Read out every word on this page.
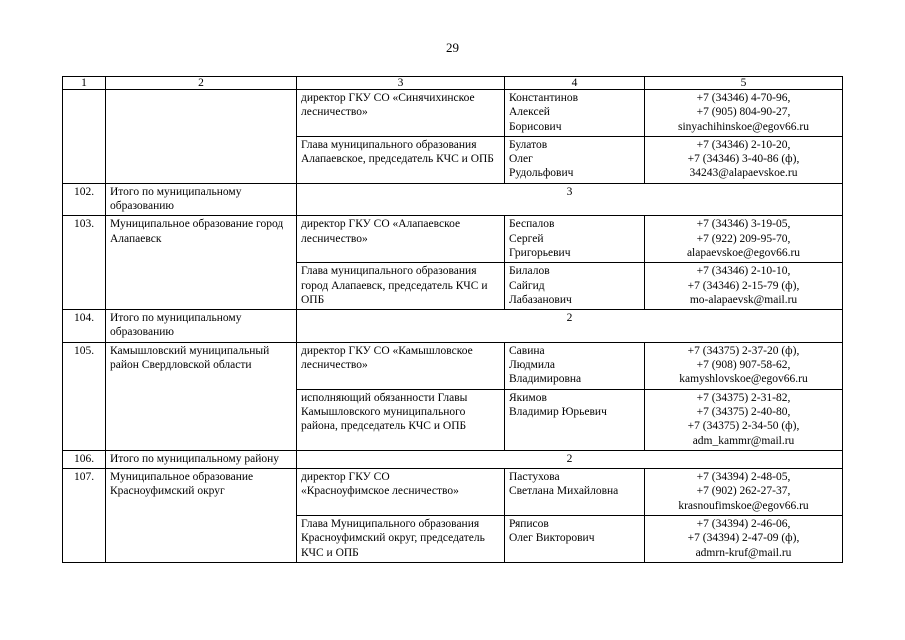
29
1	2	3	4	5
		директор ГКУ СО «Синячихинское лесничество»	Константинов
Алексей
Борисович	+7 (34346) 4-70-96,
+7 (905) 804-90-27,
sinyachihinskoe@egov66.ru
		Глава муниципального образования Алапаевское, председатель КЧС и ОПБ	Булатов
Олег
Рудольфович	+7 (34346) 2-10-20,
+7 (34346) 3-40-86 (ф),
34243@alapaevskoe.ru
102.	Итого по муниципальному образованию	3		
103.	Муниципальное образование город Алапаевск	директор ГКУ СО «Алапаевское лесничество»	Беспалов
Сергей
Григорьевич	+7 (34346) 3-19-05,
+7 (922) 209-95-70,
alapaevskoe@egov66.ru
		Глава муниципального образования город Алапаевск, председатель КЧС и ОПБ	Билалов
Сайгид
Лабазанович	+7 (34346) 2-10-10,
+7 (34346) 2-15-79 (ф),
mo-alapaevsk@mail.ru
104.	Итого по муниципальному образованию	2		
105.	Камышловский муниципальный район Свердловской области	директор ГКУ СО «Камышловское лесничество»	Савина
Людмила
Владимировна	+7 (34375) 2-37-20 (ф),
+7 (908) 907-58-62,
kamyshlovskoe@egov66.ru
		исполняющий обязанности Главы Камышловского муниципального района, председатель КЧС и ОПБ	Якимов
Владимир Юрьевич	+7 (34375) 2-31-82,
+7 (34375) 2-40-80,
+7 (34375) 2-34-50 (ф),
adm_kammr@mail.ru
106.	Итого по муниципальному району	2		
107.	Муниципальное образование Красноуфимский округ	директор ГКУ СО
«Красноуфимское лесничество»	Пастухова
Светлана Михайловна	+7 (34394) 2-48-05,
+7 (902) 262-27-37,
krasnoufimskoe@egov66.ru
		Глава Муниципального образования Красноуфимский округ, председатель КЧС и ОПБ	Ряписов
Олег Викторович	+7 (34394) 2-46-06,
+7 (34394) 2-47-09 (ф),
admrn-kruf@mail.ru
